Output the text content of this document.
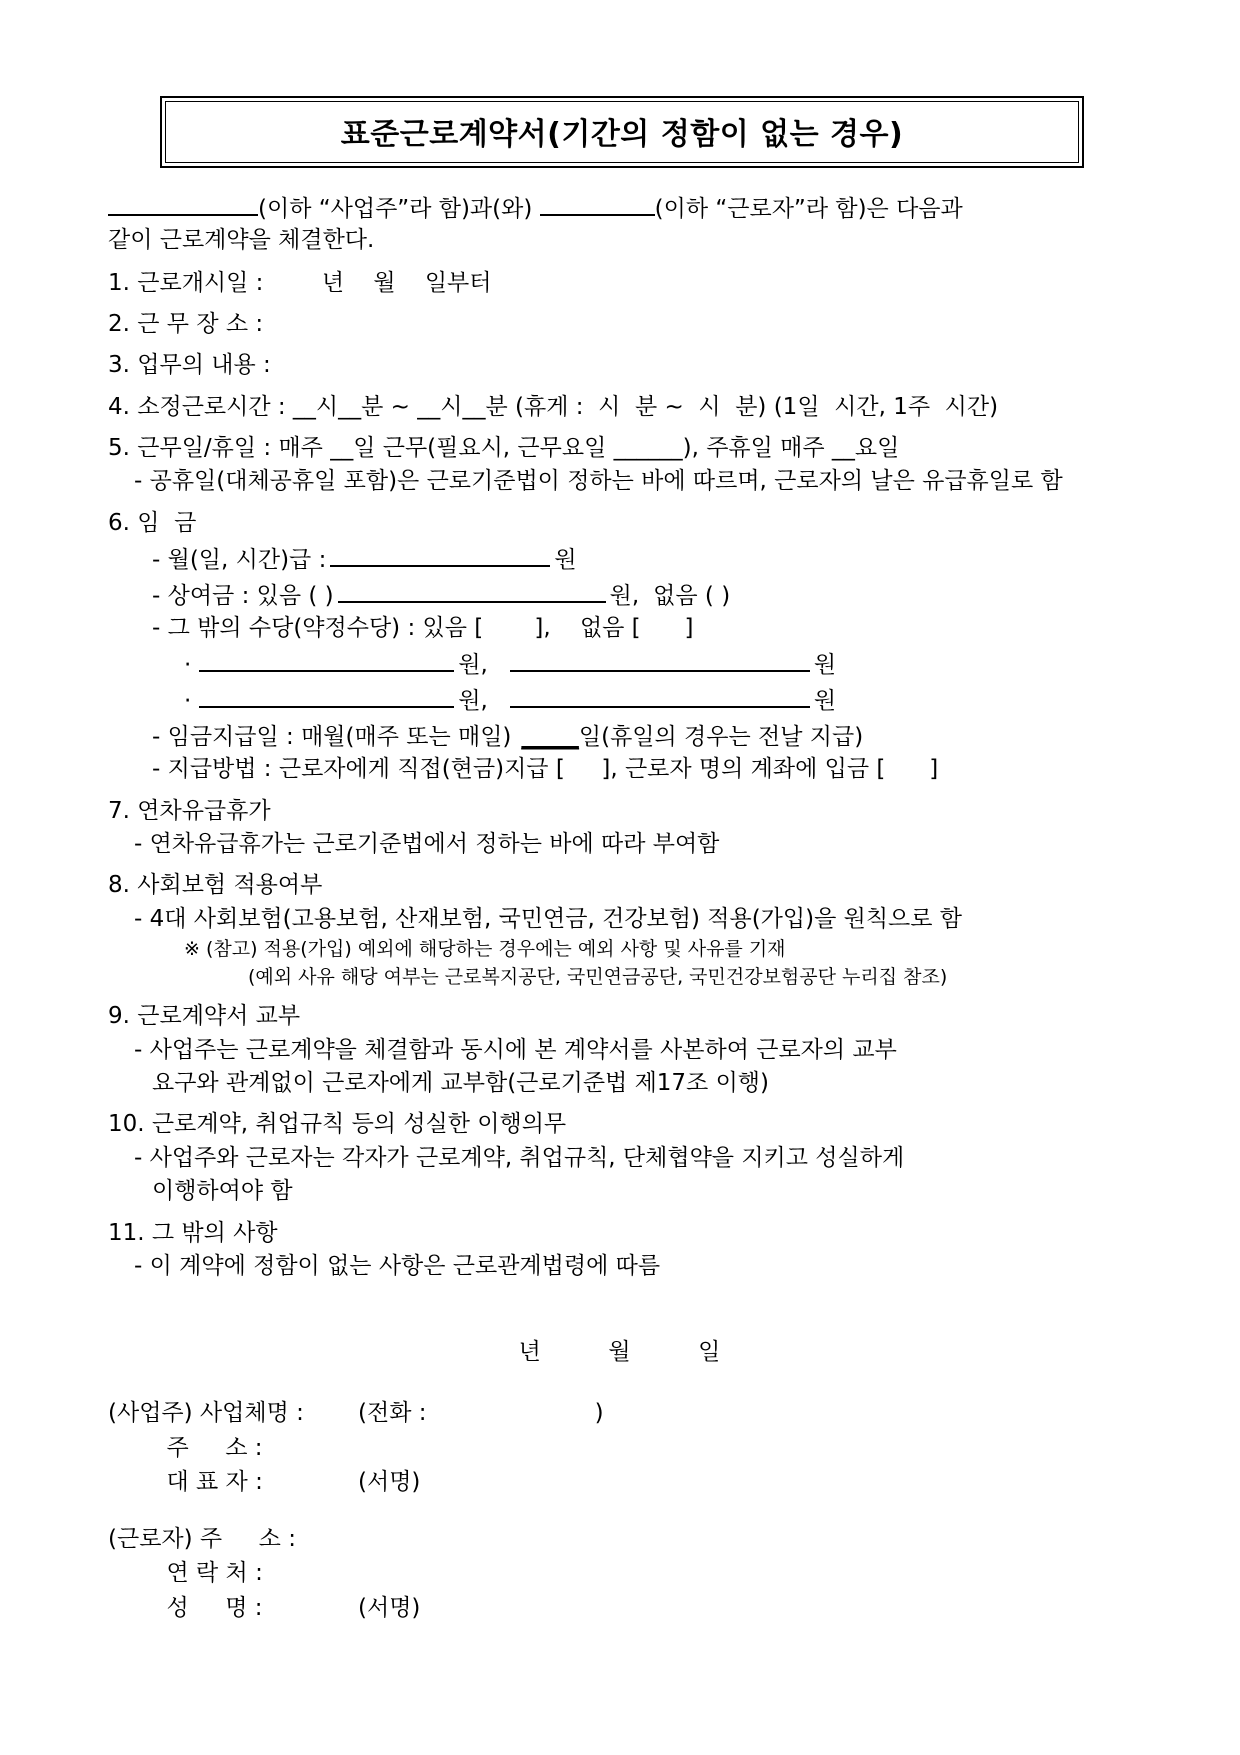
표준근로계약서(기간의 정함이 없는 경우)
(이하 “사업주”라 함)과(와)	(이하 “근로자”라 함)은 다음과
같이 근로계약을 체결한다.
1. 근로개시일 :        년    월    일부터
2. 근 무 장 소 :
3. 업무의 내용 :
4. 소정근로시간 : __시__분 ~ __시__분 (휴게 :  시  분 ~  시  분) (1일  시간, 1주  시간)
5. 근무일/휴일 : 매주 __일 근무(필요시, 근무요일 ______), 주휴일 매주 __요일
- 공휴일(대체공휴일 포함)은 근로기준법이 정하는 바에 따르며, 근로자의 날은 유급휴일로 함
6. 임  금
- 월(일, 시간)급 :	원
- 상여금 : 있음 ( )	원, 없음 ( )
- 그 밖의 수당(약정수당) : 있음 [       ],    없음 [      ]
·	원,	원
·	원,	원
- 임금지급일 : 매월(매주 또는 매일) _____ 일(휴일의 경우는 전날 지급)
- 지급방법 : 근로자에게 직접(현금)지급 [     ], 근로자 명의 계좌에 입금 [      ]
7. 연차유급휴가
- 연차유급휴가는 근로기준법에서 정하는 바에 따라 부여함
8. 사회보험 적용여부
- 4대 사회보험(고용보험, 산재보험, 국민연금, 건강보험) 적용(가입)을 원칙으로 함
※ (참고) 적용(가입) 예외에 해당하는 경우에는 예외 사항 및 사유를 기재
(예외 사유 해당 여부는 근로복지공단, 국민연금공단, 국민건강보험공단 누리집 참조)
9. 근로계약서 교부
- 사업주는 근로계약을 체결함과 동시에 본 계약서를 사본하여 근로자의 교부
요구와 관계없이 근로자에게 교부함(근로기준법 제17조 이행)
10. 근로계약, 취업규칙 등의 성실한 이행의무
- 사업주와 근로자는 각자가 근로계약, 취업규칙, 단체협약을 지키고 성실하게
이행하여야 함
11. 그 밖의 사항
- 이 계약에 정함이 없는 사항은 근로관계법령에 따름
년        월        일
(사업주) 사업체명 :	(전화 :                       )
주     소 :
대 표 자 :	(서명)
(근로자) 주     소 :
연 락 처 :
성     명 :	(서명)
